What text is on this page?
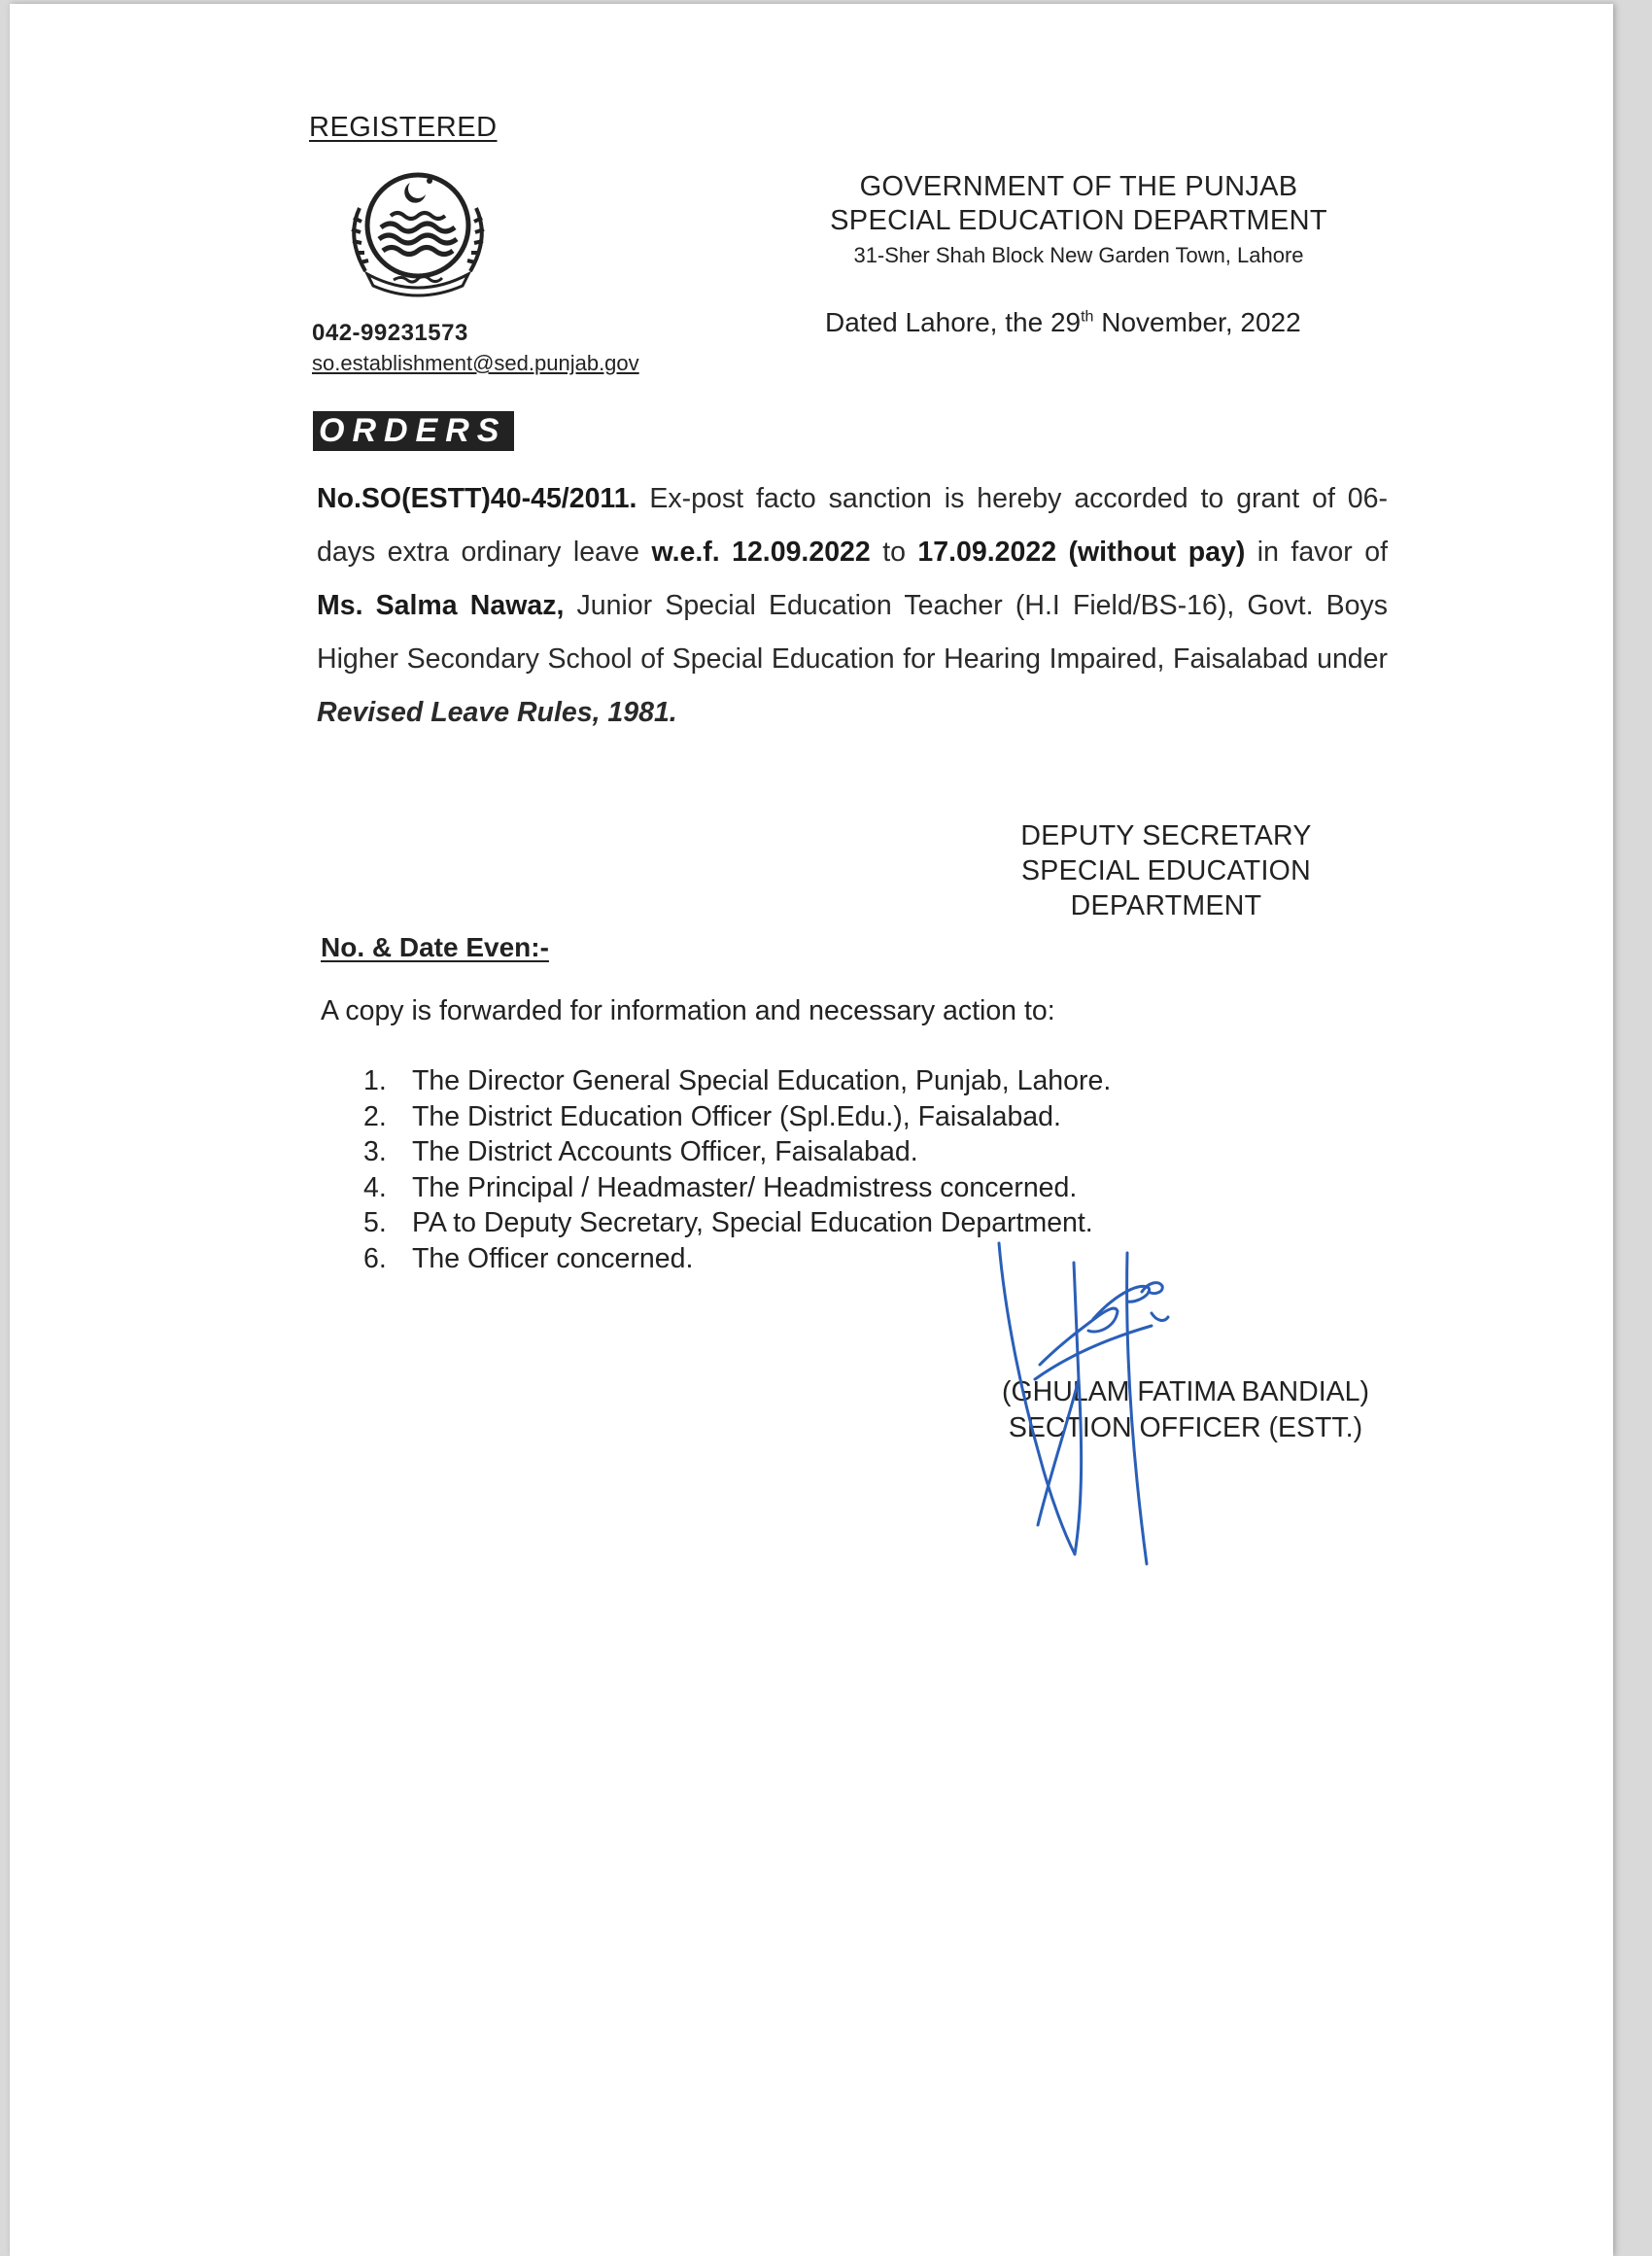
REGISTERED
042-99231573
so.establishment@sed.punjab.gov
GOVERNMENT OF THE PUNJAB
SPECIAL EDUCATION DEPARTMENT
31-Sher Shah Block New Garden Town, Lahore
Dated Lahore, the 29th November, 2022
ORDERS
No.SO(ESTT)40-45/2011. Ex-post facto sanction is hereby accorded to grant of 06-days extra ordinary leave w.e.f. 12.09.2022 to 17.09.2022 (without pay) in favor of Ms. Salma Nawaz, Junior Special Education Teacher (H.I Field/BS-16), Govt. Boys Higher Secondary School of Special Education for Hearing Impaired, Faisalabad under Revised Leave Rules, 1981.
DEPUTY SECRETARY
SPECIAL EDUCATION
DEPARTMENT
No. & Date Even:-
A copy is forwarded for information and necessary action to:
1. The Director General Special Education, Punjab, Lahore.
2. The District Education Officer (Spl.Edu.), Faisalabad.
3. The District Accounts Officer, Faisalabad.
4. The Principal / Headmaster/ Headmistress concerned.
5. PA to Deputy Secretary, Special Education Department.
6. The Officer concerned.
(GHULAM FATIMA BANDIAL)
SECTION OFFICER (ESTT.)
